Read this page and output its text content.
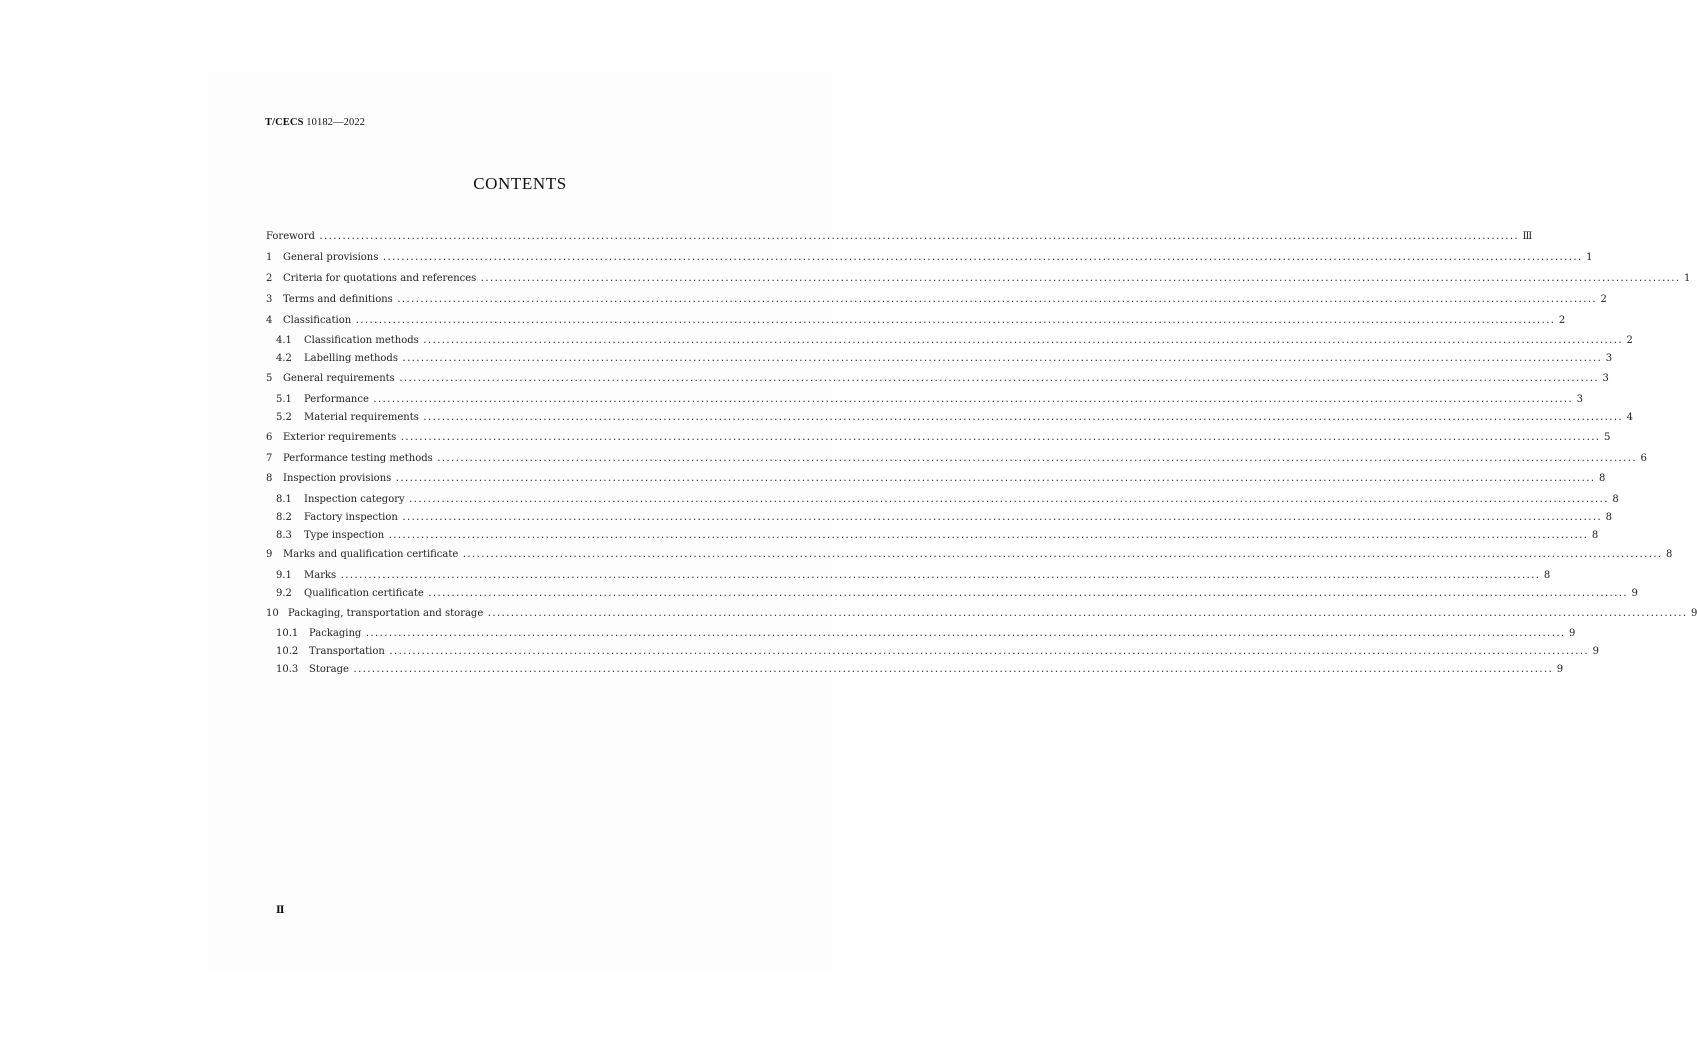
T/CECS 10182—2022
CONTENTS
Foreword .................................................................................................................................................................................................................................................................... Ⅲ
1	General provisions .................................................................................................................................................................................................................................................................... 1
2	Criteria for quotations and references .................................................................................................................................................................................................................................................................... 1
3	Terms and definitions .................................................................................................................................................................................................................................................................... 2
4	Classification .................................................................................................................................................................................................................................................................... 2
4.1	Classification methods .................................................................................................................................................................................................................................................................... 2
4.2	Labelling methods .................................................................................................................................................................................................................................................................... 3
5	General requirements .................................................................................................................................................................................................................................................................... 3
5.1	Performance .................................................................................................................................................................................................................................................................... 3
5.2	Material requirements .................................................................................................................................................................................................................................................................... 4
6	Exterior requirements .................................................................................................................................................................................................................................................................... 5
7	Performance testing methods .................................................................................................................................................................................................................................................................... 6
8	Inspection provisions .................................................................................................................................................................................................................................................................... 8
8.1	Inspection category .................................................................................................................................................................................................................................................................... 8
8.2	Factory inspection .................................................................................................................................................................................................................................................................... 8
8.3	Type inspection .................................................................................................................................................................................................................................................................... 8
9	Marks and qualification certificate .................................................................................................................................................................................................................................................................... 8
9.1	Marks .................................................................................................................................................................................................................................................................... 8
9.2	Qualification certificate .................................................................................................................................................................................................................................................................... 9
10 Packaging, transportation and storage .................................................................................................................................................................................................................................................................... 9
10.1	Packaging .................................................................................................................................................................................................................................................................... 9
10.2	Transportation .................................................................................................................................................................................................................................................................... 9
10.3	Storage .................................................................................................................................................................................................................................................................... 9
Ⅱ
